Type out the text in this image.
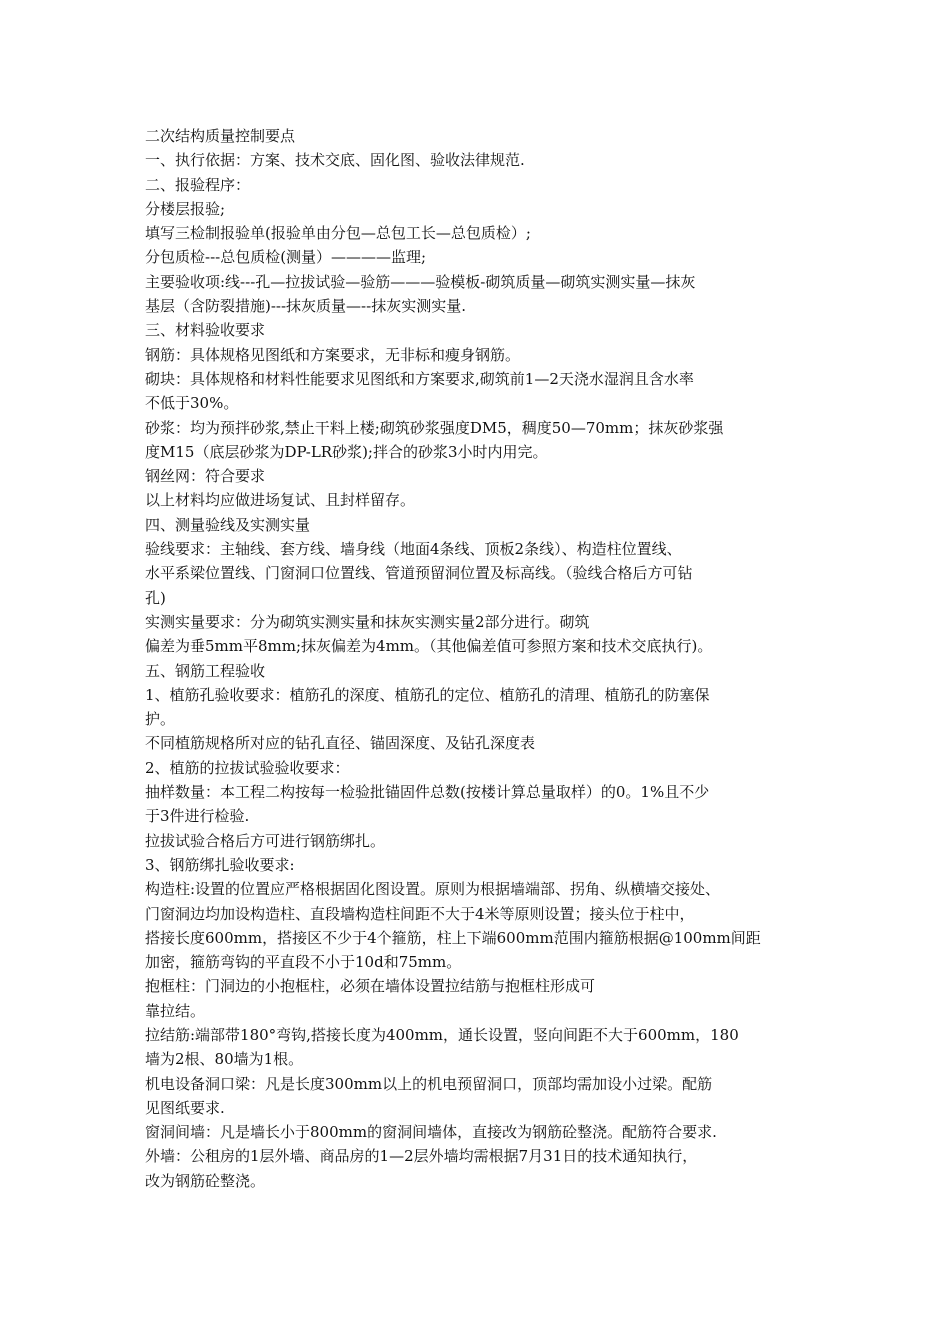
二次结构质量控制要点
一、执行依据：方案、技术交底、固化图、验收法律规范.
二、报验程序：
分楼层报验;
填写三检制报验单(报验单由分包—总包工长—总包质检）;
分包质检---总包质检(测量）————监理;
主要验收项:线---孔—拉拔试验—验筋———验模板-砌筑质量—砌筑实测实量—抹灰
基层（含防裂措施)---抹灰质量—--抹灰实测实量.
三、材料验收要求
钢筋：具体规格见图纸和方案要求，无非标和瘦身钢筋。
砌块：具体规格和材料性能要求见图纸和方案要求,砌筑前1—2天浇水湿润且含水率
不低于30%。
砂浆：均为预拌砂浆,禁止干料上楼;砌筑砂浆强度DM5，稠度50—70mm；抹灰砂浆强
度M15（底层砂浆为DP-LR砂浆);拌合的砂浆3小时内用完。
钢丝网：符合要求
以上材料均应做进场复试、且封样留存。
四、测量验线及实测实量
验线要求：主轴线、套方线、墙身线（地面4条线、顶板2条线）、构造柱位置线、
水平系梁位置线、门窗洞口位置线、管道预留洞位置及标高线。（验线合格后方可钻
孔)
实测实量要求：分为砌筑实测实量和抹灰实测实量2部分进行。砌筑
偏差为垂5mm平8mm;抹灰偏差为4mm。（其他偏差值可参照方案和技术交底执行)。
五、钢筋工程验收
1、植筋孔验收要求：植筋孔的深度、植筋孔的定位、植筋孔的清理、植筋孔的防塞保
护。
不同植筋规格所对应的钻孔直径、锚固深度、及钻孔深度表
2、植筋的拉拔试验验收要求：
抽样数量：本工程二构按每一检验批锚固件总数(按楼计算总量取样）的0。1%且不少
于3件进行检验.
拉拔试验合格后方可进行钢筋绑扎。
3、钢筋绑扎验收要求:
构造柱:设置的位置应严格根据固化图设置。原则为根据墙端部、拐角、纵横墙交接处、
门窗洞边均加设构造柱、直段墙构造柱间距不大于4米等原则设置；接头位于柱中，
搭接长度600mm，搭接区不少于4个箍筋，柱上下端600mm范围内箍筋根据@100mm间距
加密，箍筋弯钩的平直段不小于10d和75mm。
抱框柱：门洞边的小抱框柱，必须在墙体设置拉结筋与抱框柱形成可
靠拉结。
拉结筋:端部带180°弯钩,搭接长度为400mm，通长设置，竖向间距不大于600mm，180
墙为2根、80墙为1根。
机电设备洞口梁：凡是长度300mm以上的机电预留洞口，顶部均需加设小过梁。配筋
见图纸要求.
窗洞间墙：凡是墙长小于800mm的窗洞间墙体，直接改为钢筋砼整浇。配筋符合要求.
外墙：公租房的1层外墙、商品房的1—2层外墙均需根据7月31日的技术通知执行，
改为钢筋砼整浇。
